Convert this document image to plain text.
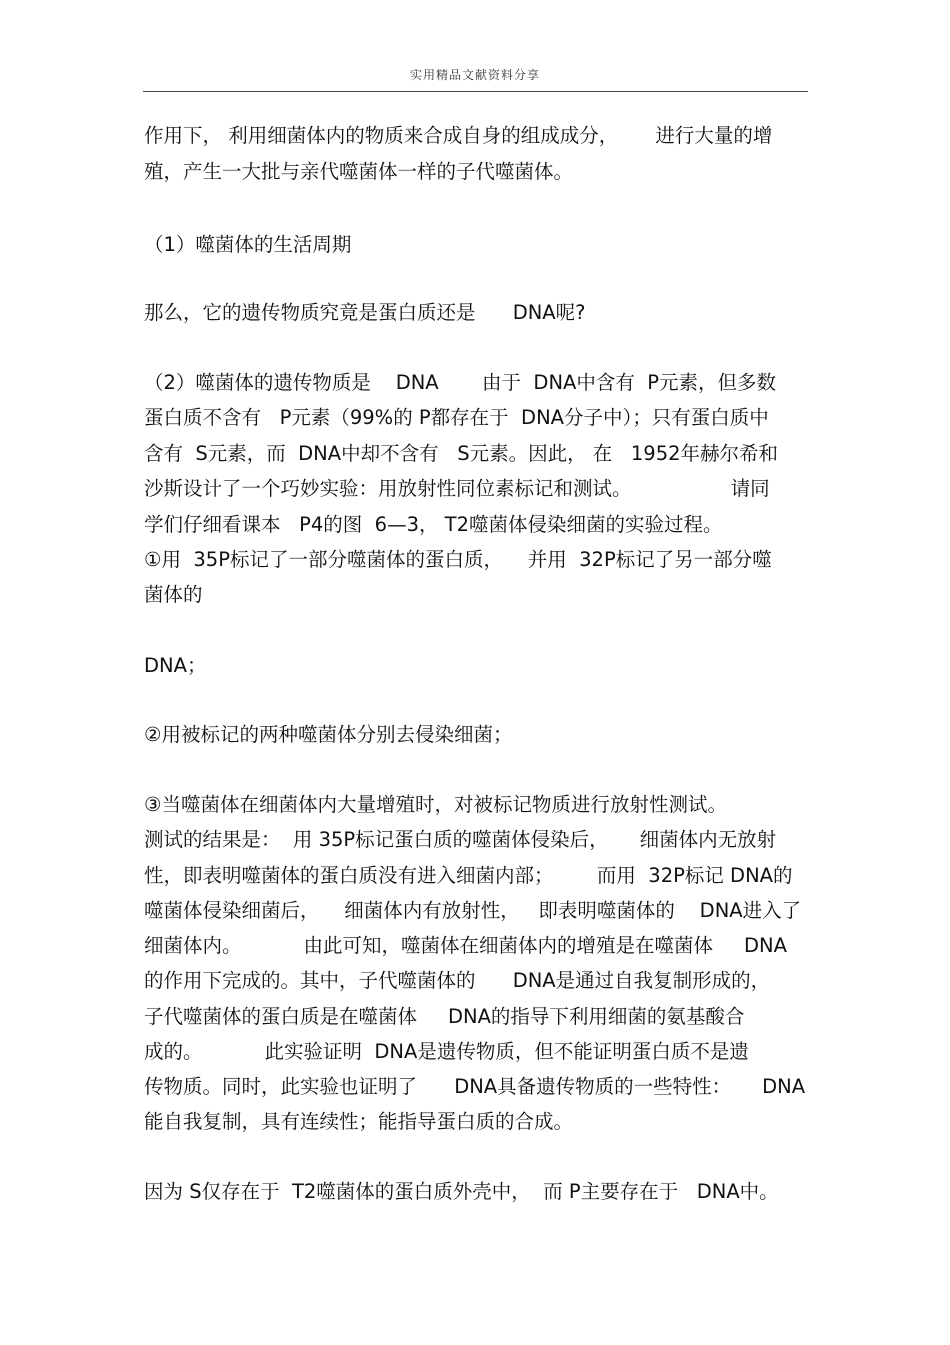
实用精品文献资料分享
作用下， 利用细菌体内的物质来合成自身的组成成分，      进行大量的增
殖，产生一大批与亲代噬菌体一样的子代噬菌体。
（1）噬菌体的生活周期
那么，它的遗传物质究竟是蛋白质还是      DNA呢?
（2）噬菌体的遗传物质是    DNA       由于  DNA中含有  P元素，但多数
蛋白质不含有   P元素（99%的 P都存在于  DNA分子中）；只有蛋白质中
含有  S元素，而  DNA中却不含有   S元素。因此， 在   1952年赫尔希和
沙斯设计了一个巧妙实验：用放射性同位素标记和测试。                请同
学们仔细看课本   P4的图  6—3， T2噬菌体侵染细菌的实验过程。
①用  35P标记了一部分噬菌体的蛋白质，    并用  32P标记了另一部分噬
菌体的
DNA；
②用被标记的两种噬菌体分别去侵染细菌；
③当噬菌体在细菌体内大量增殖时，对被标记物质进行放射性测试。
测试的结果是：  用 35P标记蛋白质的噬菌体侵染后，     细菌体内无放射
性，即表明噬菌体的蛋白质没有进入细菌内部；       而用  32P标记 DNA的
噬菌体侵染细菌后，    细菌体内有放射性，   即表明噬菌体的    DNA进入了
细菌体内。          由此可知，噬菌体在细菌体内的增殖是在噬菌体     DNA
的作用下完成的。其中，子代噬菌体的      DNA是通过自我复制形成的，
子代噬菌体的蛋白质是在噬菌体     DNA的指导下利用细菌的氨基酸合
成的。          此实验证明  DNA是遗传物质，但不能证明蛋白质不是遗
传物质。同时，此实验也证明了      DNA具备遗传物质的一些特性：     DNA
能自我复制，具有连续性；能指导蛋白质的合成。
因为 S仅存在于  T2噬菌体的蛋白质外壳中，  而 P主要存在于   DNA中。
